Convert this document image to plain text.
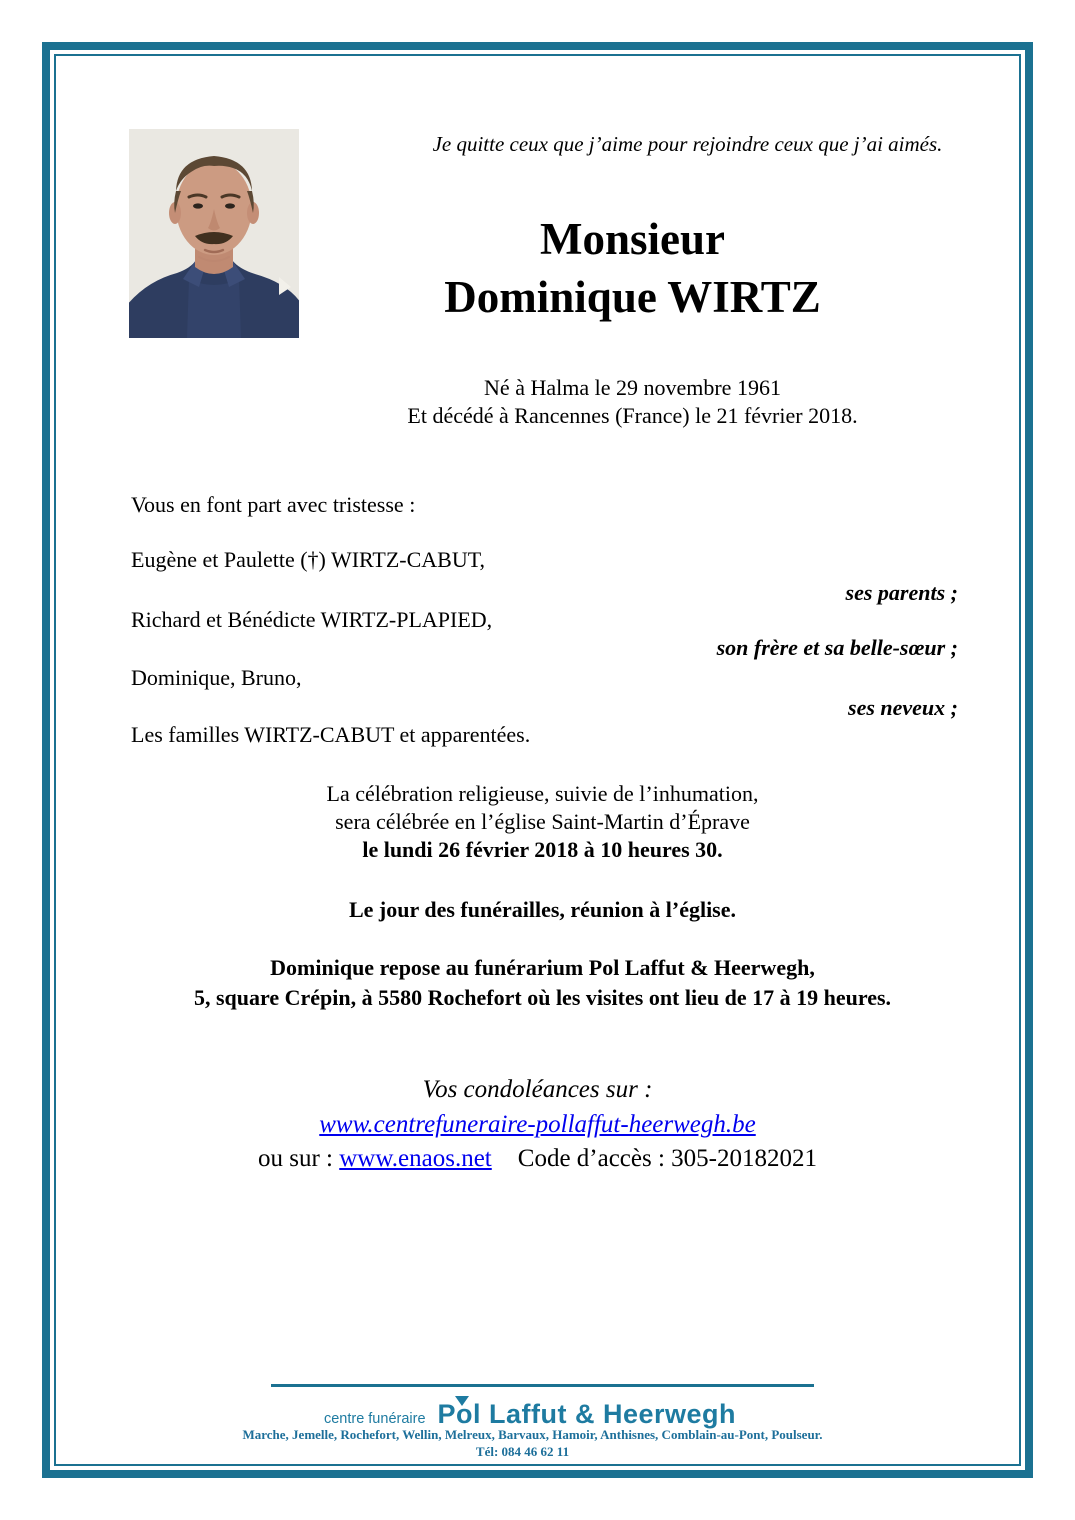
Je quitte ceux que j’aime pour rejoindre ceux que j’ai aimés.
Monsieur
Dominique WIRTZ
Né à Halma le 29 novembre 1961
Et décédé à Rancennes (France) le 21 février 2018.
Vous en font part avec tristesse :
Eugène et Paulette (†) WIRTZ-CABUT,
ses parents ;
Richard et Bénédicte WIRTZ-PLAPIED,
son frère et sa belle-sœur ;
Dominique, Bruno,
ses neveux ;
Les familles WIRTZ-CABUT et apparentées.
La célébration religieuse, suivie de l’inhumation,
sera célébrée en l’église Saint-Martin d’Éprave
le lundi 26 février 2018 à 10 heures 30.
Le jour des funérailles, réunion à l’église.
Dominique repose au funérarium Pol Laffut & Heerwegh,
5, square Crépin, à 5580 Rochefort où les visites ont lieu de 17 à 19 heures.
Vos condoléances sur :
www.centrefuneraire-pollaffut-heerwegh.be
ou sur : www.enaos.net Code d’accès : 305-20182021
centre funéraire Pol Laffut & Heerwegh
Marche, Jemelle, Rochefort, Wellin, Melreux, Barvaux, Hamoir, Anthisnes, Comblain-au-Pont, Poulseur.
Tél: 084 46 62 11
